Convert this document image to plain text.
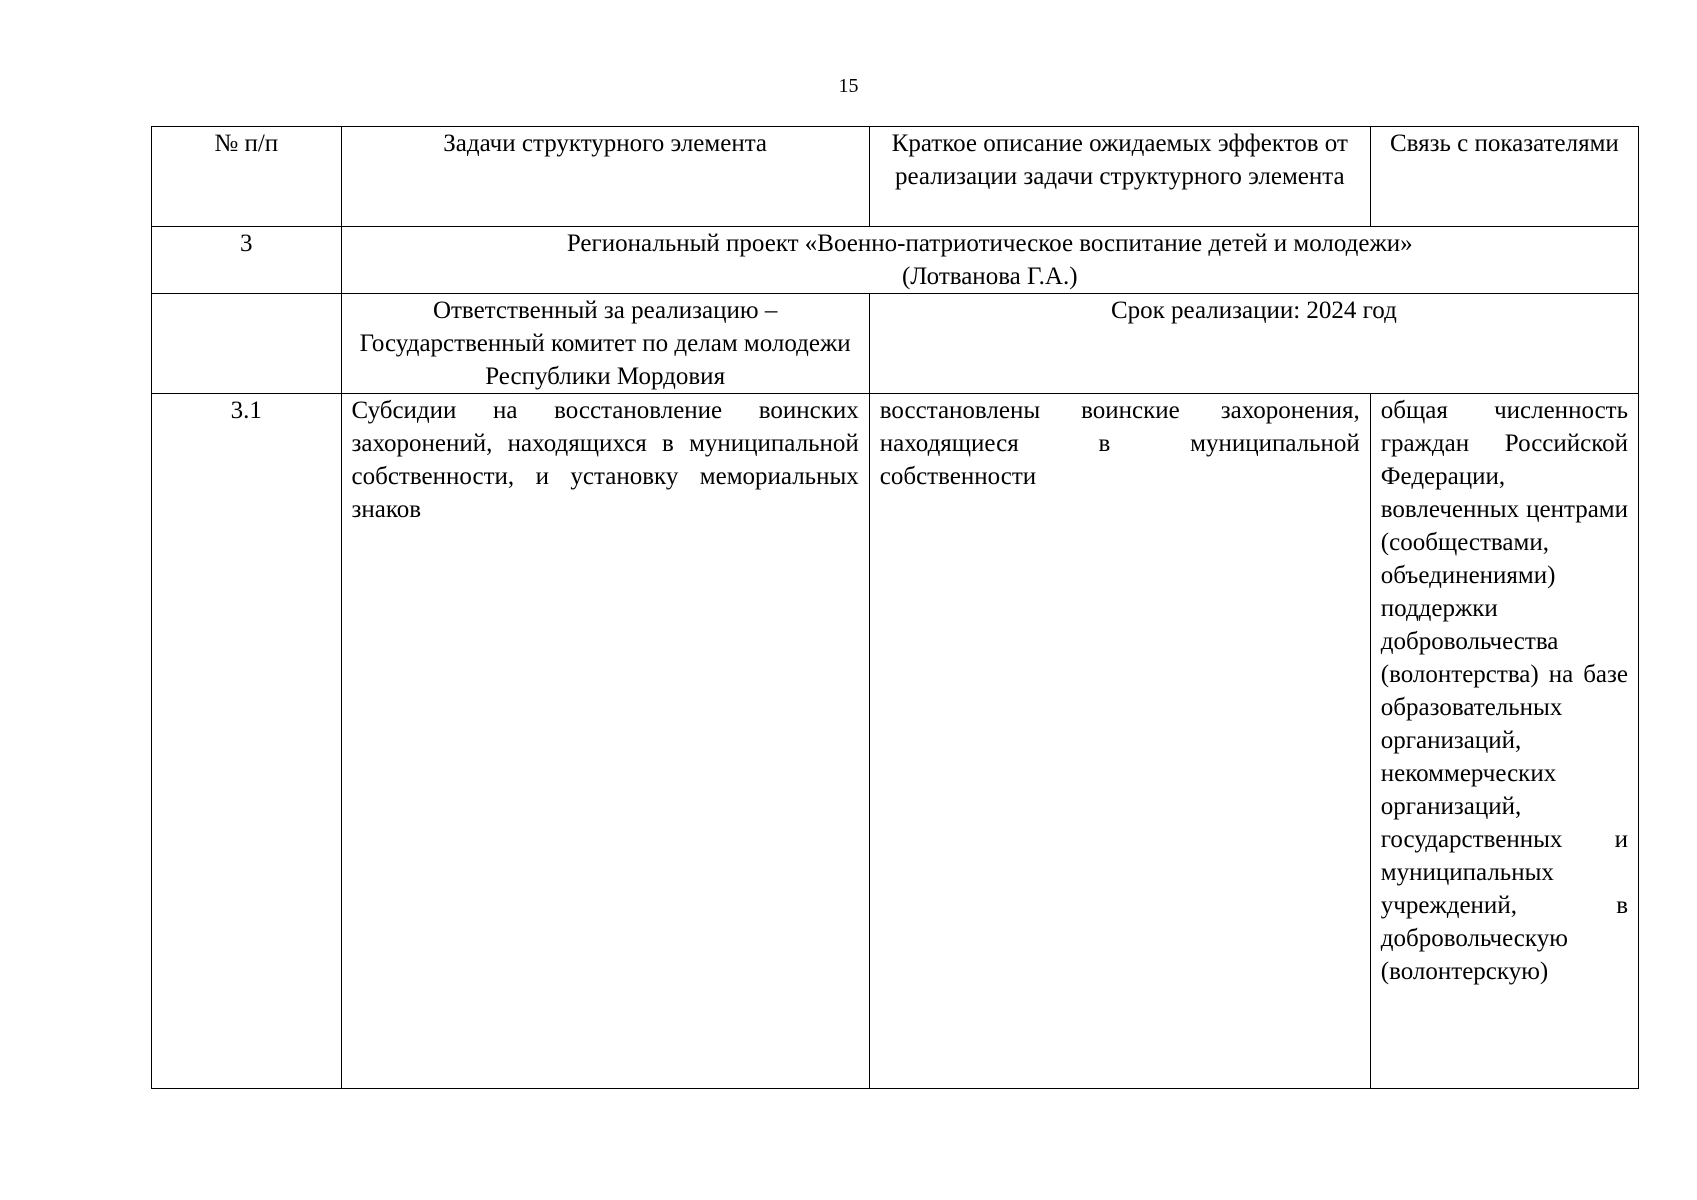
15
№ п/п	Задачи структурного элемента	Краткое описание ожидаемых эффектов от реализации задачи структурного элемента	Связь с показателями
3	Региональный проект «Военно-патриотическое воспитание детей и молодежи»
(Лотванова Г.А.)		

	Ответственный за реализацию – Государственный комитет по делам молодежи Республики Мордовия	Срок реализации: 2024 год	
3.1	Субсидии на восстановление воинских захоронений, находящихся в муниципальной собственности, и установку мемориальных знаков	восстановлены воинские захоронения, находящиеся в муниципальной собственности	общая численность граждан Российской Федерации, вовлеченных центрами (сообществами, объединениями) поддержки добровольчества (волонтерства) на базе образовательных организаций, некоммерческих организаций, государственных и муниципальных учреждений, в добровольческую (волонтерскую)
